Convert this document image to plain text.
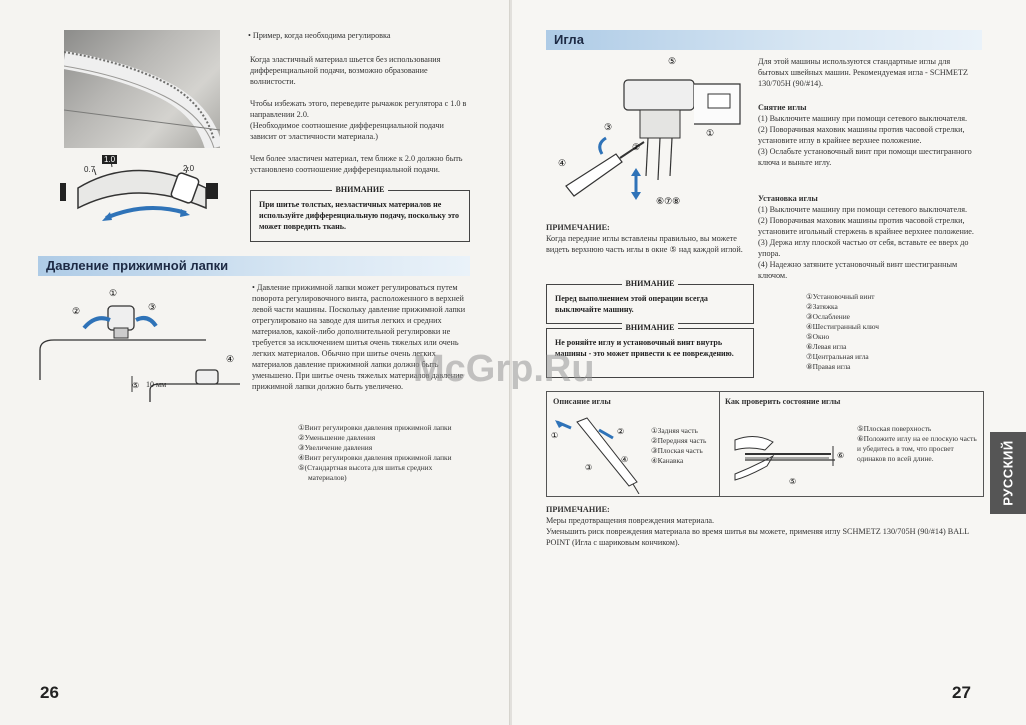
• Пример, когда необходима регулировка
Когда эластичный материал шьется без использования дифференциальной подачи, возможно образование волнистости.
Чтобы избежать этого, переведите рычажок регулятора с 1.0 в направлении 2.0.
(Необходимое соотношение дифференциальной подачи зависит от эластичности материала.)
Чем более эластичен материал, тем ближе к 2.0 должно быть установлено соотношение дифференциальной подачи.
0.7
1.0
2.0
ВНИМАНИЕ
При шитье толстых, неэластичных материалов не используйте дифференциальную подачу, поскольку это может повредить ткань.
Давление прижимной лапки
①
②	③
④
⑤ 10 мм
• Давление прижимной лапки может регулироваться путем поворота регулировочного винта, расположенного в верхней левой части машины. Поскольку давление прижимной лапки отрегулировано на заводе для шитья легких и средних материалов, какой-либо дополнительной регулировки не требуется за исключением шитья очень тяжелых или очень легких материалов. Обычно при шитье очень легких материалов давление прижимной лапки должно быть уменьшено. При шитье очень тяжелых материалов давление прижимной лапки должно быть увеличено.
①Винт регулировки давления прижимной лапки
②Уменьшение давления
③Увеличение давления
④Винт регулировки давления прижимной лапки
⑤(Стандартная высота для шитья средних
материалов)
26
Игла
⑤
③
④
②
①
⑥⑦⑧
Для этой машины используются стандартные иглы для бытовых швейных машин. Рекомендуемая игла - SCHMETZ 130/705H (90/#14).
Снятие иглы
(1) Выключите машину при помощи сетевого выключателя.
(2) Поворачивая маховик машины против часовой стрелки, установите иглу в крайнее верхнее положение.
(3) Ослабьте установочный винт при помощи шестигранного ключа и выньте иглу.
Установка иглы
(1) Выключите машину при помощи сетевого выключателя.
(2) Поворачивая маховик машины против часовой стрелки, установите игольный стержень в крайнее верхнее положение.
(3) Держа иглу плоской частью от себя, вставьте ее вверх до упора.
(4) Надежно затяните установочный винт шестигранным ключом.
①Установочный винт
②Затяжка
③Ослабление
④Шестигранный ключ
⑤Окно
⑥Левая игла
⑦Центральная игла
⑧Правая игла
ПРИМЕЧАНИЕ:
Когда передние иглы вставлены правильно, вы можете видеть верхнюю часть иглы в окне ⑤ над каждой иглой.
ВНИМАНИЕ
Перед выполнением этой операции всегда выключайте машину.
ВНИМАНИЕ
Не роняйте иглу и установочный винт внутрь машины - это может привести к ее повреждению.
Описание иглы	Как проверить состояние иглы
①	②
③
④
①Задняя часть
②Передняя часть
③Плоская часть
④Канавка
⑥
⑤
⑤Плоская поверхность
⑥Положите иглу на ее плоскую часть и убедитесь в том, что просвет одинаков по всей длине.
ПРИМЕЧАНИЕ:
Меры предотвращения повреждения материала.
Уменьшить риск повреждения материала во время шитья вы можете, применяя иглу SCHMETZ 130/705H (90/#14) BALL POINT (Игла с шариковым кончиком).
РУССКИЙ
27
McGrp.Ru
